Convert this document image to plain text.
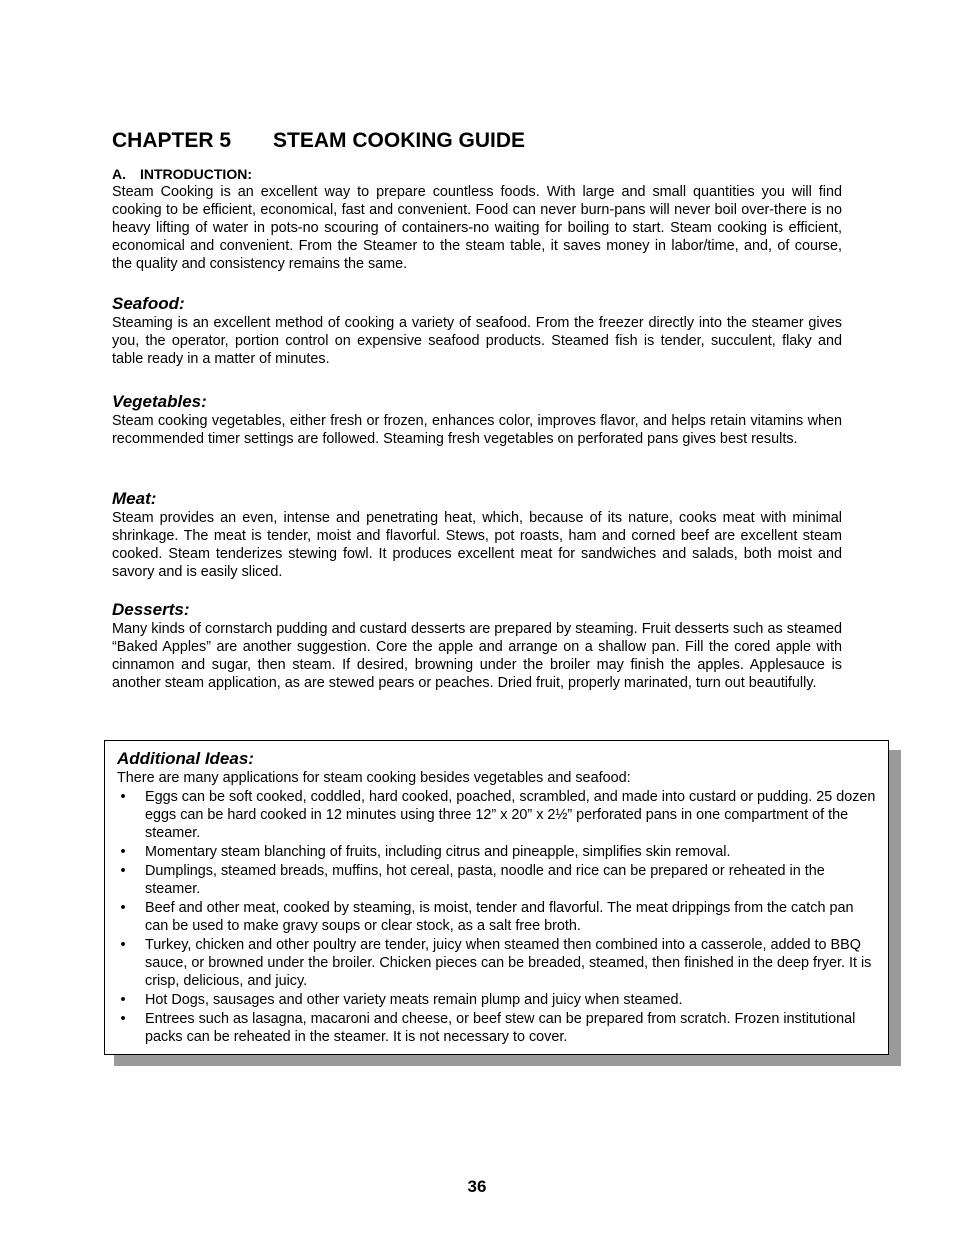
CHAPTER 5 STEAM COOKING GUIDE

A. INTRODUCTION:

Steam Cooking is an excellent way to prepare countless foods. With large and small quantities you will find cooking to be efficient, economical, fast and convenient. Food can never burn-pans will never boil over-there is no heavy lifting of water in pots-no scouring of containers-no waiting for boiling to start. Steam cooking is efficient, economical and convenient. From the Steamer to the steam table, it saves money in labor/time, and, of course, the quality and consistency remains the same.

Seafood:

Steaming is an excellent method of cooking a variety of seafood. From the freezer directly into the steamer gives you, the operator, portion control on expensive seafood products. Steamed fish is tender, succulent, flaky and table ready in a matter of minutes.

Vegetables:

Steam cooking vegetables, either fresh or frozen, enhances color, improves flavor, and helps retain vitamins when recommended timer settings are followed. Steaming fresh vegetables on perforated pans gives best results.

Meat:

Steam provides an even, intense and penetrating heat, which, because of its nature, cooks meat with minimal shrinkage. The meat is tender, moist and flavorful. Stews, pot roasts, ham and corned beef are excellent steam cooked. Steam tenderizes stewing fowl. It produces excellent meat for sandwiches and salads, both moist and savory and is easily sliced.

Desserts:

Many kinds of cornstarch pudding and custard desserts are prepared by steaming. Fruit desserts such as steamed “Baked Apples” are another suggestion. Core the apple and arrange on a shallow pan. Fill the cored apple with cinnamon and sugar, then steam. If desired, browning under the broiler may finish the apples. Applesauce is another steam application, as are stewed pears or peaches. Dried fruit, properly marinated, turn out beautifully.

Additional Ideas:

There are many applications for steam cooking besides vegetables and seafood:

• Eggs can be soft cooked, coddled, hard cooked, poached, scrambled, and made into custard or pudding. 25 dozen eggs can be hard cooked in 12 minutes using three 12” x 20” x 2½” perforated pans in one compartment of the steamer.
• Momentary steam blanching of fruits, including citrus and pineapple, simplifies skin removal.
• Dumplings, steamed breads, muffins, hot cereal, pasta, noodle and rice can be prepared or reheated in the steamer.
• Beef and other meat, cooked by steaming, is moist, tender and flavorful. The meat drippings from the catch pan can be used to make gravy soups or clear stock, as a salt free broth.
• Turkey, chicken and other poultry are tender, juicy when steamed then combined into a casserole, added to BBQ sauce, or browned under the broiler. Chicken pieces can be breaded, steamed, then finished in the deep fryer. It is crisp, delicious, and juicy.
• Hot Dogs, sausages and other variety meats remain plump and juicy when steamed.
• Entrees such as lasagna, macaroni and cheese, or beef stew can be prepared from scratch. Frozen institutional packs can be reheated in the steamer. It is not necessary to cover.
36
